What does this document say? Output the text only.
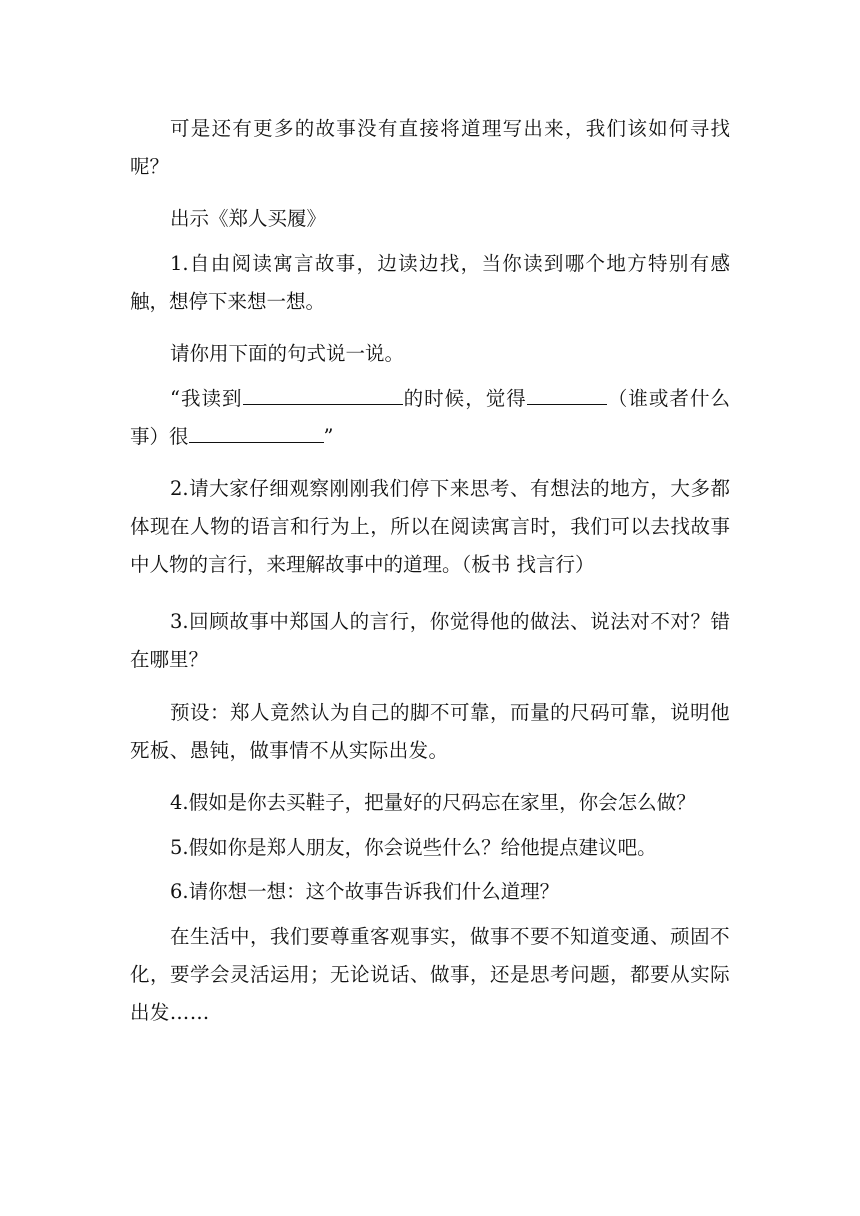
可是还有更多的故事没有直接将道理写出来，我们该如何寻找呢？

出示《郑人买履》

1.自由阅读寓言故事，边读边找，当你读到哪个地方特别有感触，想停下来想一想。

请你用下面的句式说一说。

“我读到	的时候，觉得	（谁或者什么事）很	”

2.请大家仔细观察刚刚我们停下来思考、有想法的地方，大多都体现在人物的语言和行为上，所以在阅读寓言时，我们可以去找故事中人物的言行，来理解故事中的道理。（板书 找言行）

3.回顾故事中郑国人的言行，你觉得他的做法、说法对不对？错在哪里？

预设：郑人竟然认为自己的脚不可靠，而量的尺码可靠，说明他死板、愚钝，做事情不从实际出发。

4.假如是你去买鞋子，把量好的尺码忘在家里，你会怎么做？

5.假如你是郑人朋友，你会说些什么？给他提点建议吧。

6.请你想一想：这个故事告诉我们什么道理？

在生活中，我们要尊重客观事实，做事不要不知道变通、顽固不化，要学会灵活运用；无论说话、做事，还是思考问题，都要从实际出发……
